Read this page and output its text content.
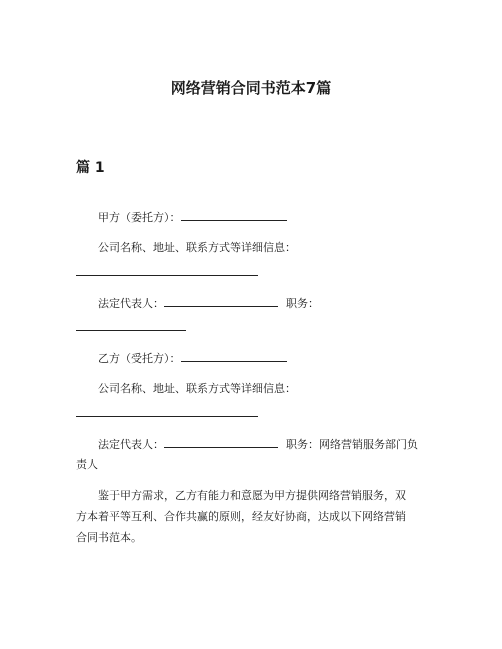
网络营销合同书范本7篇
篇 1
甲方（委托方）：
公司名称、地址、联系方式等详细信息：
法定代表人：	职务：
乙方（受托方）：
公司名称、地址、联系方式等详细信息：
法定代表人：	职务：网络营销服务部门负
责人
鉴于甲方需求，乙方有能力和意愿为甲方提供网络营销服务，双
方本着平等互利、合作共赢的原则，经友好协商，达成以下网络营销
合同书范本。
